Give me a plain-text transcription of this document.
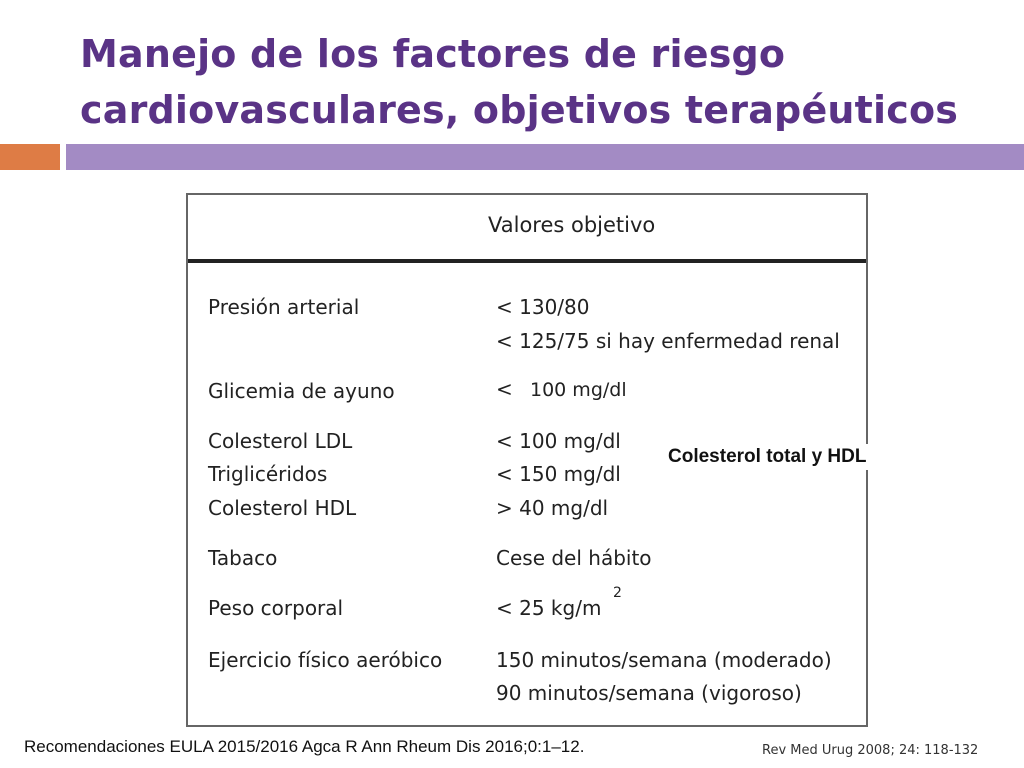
Manejo de los factores de riesgo
cardiovasculares, objetivos terapéuticos
Valores objetivo
Presión arterial	< 130/80
< 125/75 si hay enfermedad renal
Glicemia de ayuno	< 100 mg/dl
Colesterol LDL	< 100 mg/dl
Triglicéridos	< 150 mg/dl
Colesterol HDL	> 40 mg/dl
Tabaco	Cese del hábito
Peso corporal	< 25 kg/m
2
Ejercicio físico aeróbico	150 minutos/semana (moderado)
90 minutos/semana (vigoroso)
Colesterol total y HDL
Recomendaciones EULA 2015/2016 Agca R Ann Rheum Dis 2016;0:1–12.	Rev Med Urug 2008; 24: 118-132
